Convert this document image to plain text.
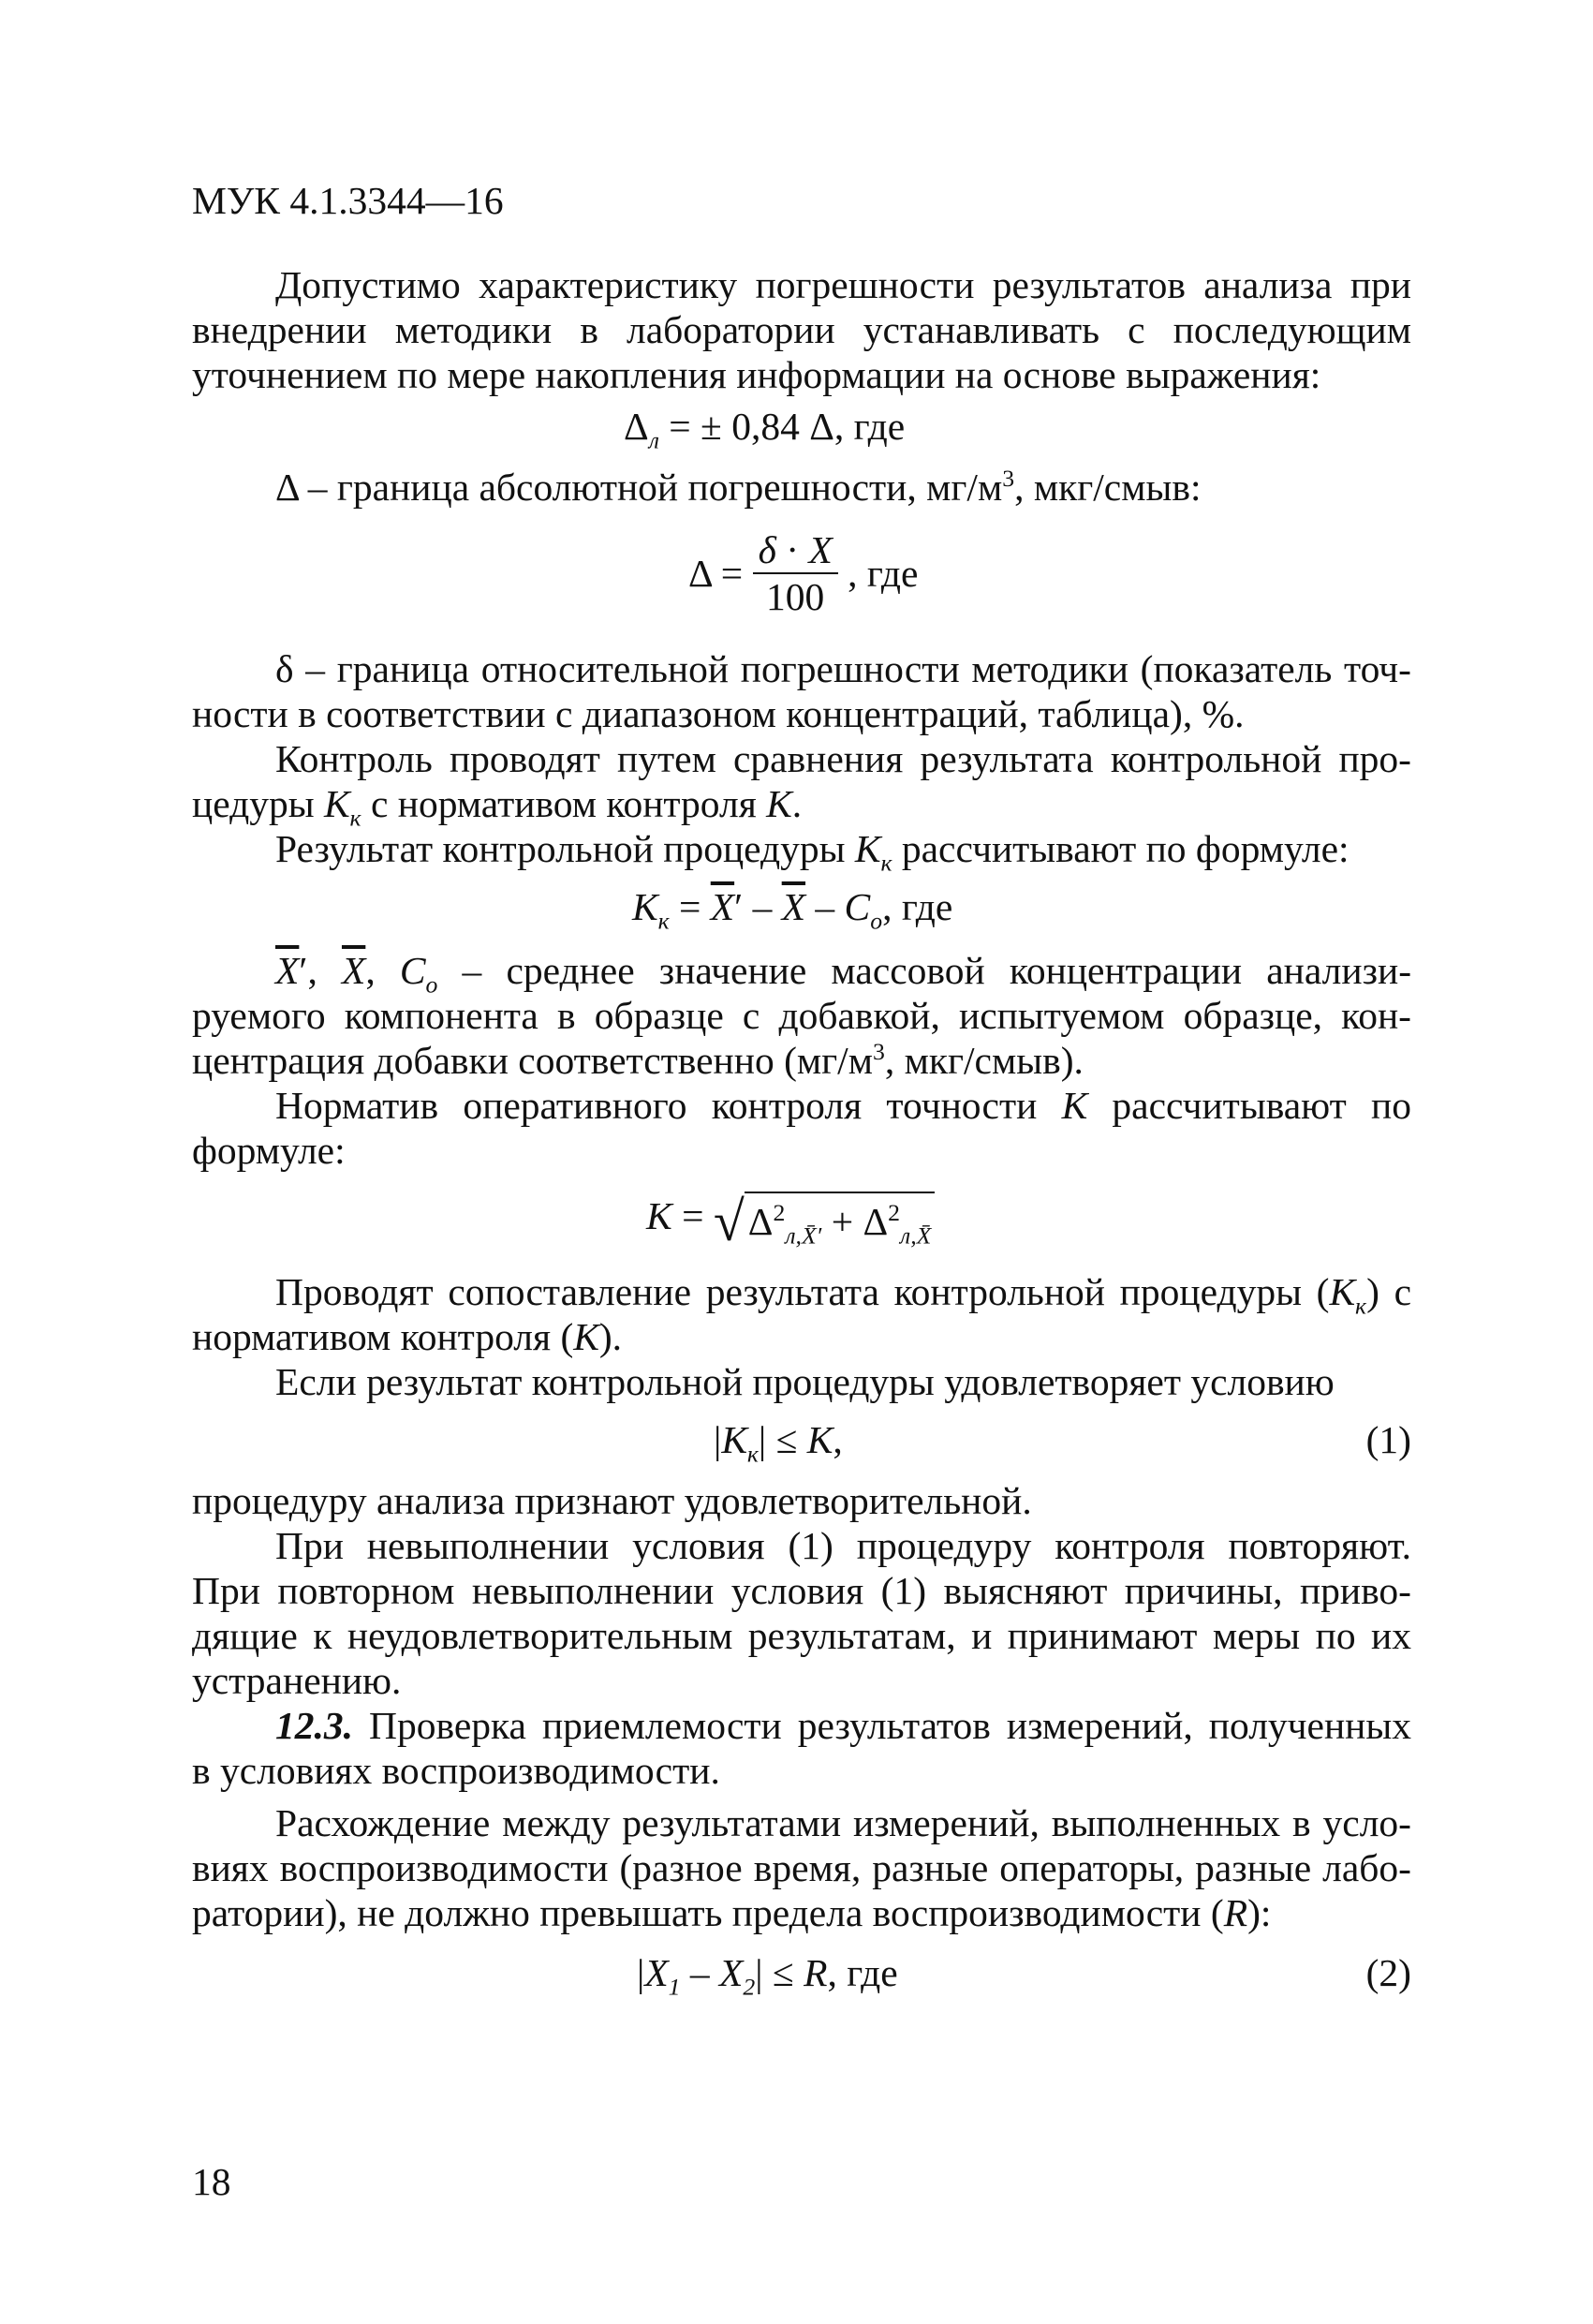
МУК 4.1.3344—16
Допустимо характеристику погрешности результатов анализа при
внедрении методики в лаборатории устанавливать с последующим
уточнением по мере накопления информации на основе выражения:
$\Delta_л$ = ± 0,84 Δ, где
Δ – граница абсолютной погрешности, $мг/м^3$, мкг/смыв:
$\Delta = \frac{\delta \cdot X}{100}$ , где
δ – граница относительной погрешности методики (показатель точ-
ности в соответствии с диапазоном концентраций, таблица), %.
Контроль проводят путем сравнения результата контрольной про-
цедуры $К_к$ с нормативом контроля К.
Результат контрольной процедуры $К_к$ рассчитывают по формуле:
$К_к = \overline{X}' - \overline{X} - С_о$, где
$\overline{X}'$, $\overline{X}$, $С_о$ – среднее значение массовой концентрации анализи-
руемого компонента в образце с добавкой, испытуемом образце, кон-
центрация добавки соответственно ($мг/м^3$, мкг/смыв).
Норматив оперативного контроля точности К рассчитывают по
формуле:
$K = √\Delta^2_{л,X̄'} + \Delta^2_{л,X̄}$
Проводят сопоставление результата контрольной процедуры $(К_к)$ с
нормативом контроля (К).
Если результат контрольной процедуры удовлетворяет условию
$|К_к| \le К$,	(1)
процедуру анализа признают удовлетворительной.
При невыполнении условия (1) процедуру контроля повторяют.
При повторном невыполнении условия (1) выясняют причины, приво-
дящие к неудовлетворительным результатам, и принимают меры по их
устранению.
12.3. Проверка приемлемости результатов измерений, полученных
в условиях воспроизводимости.
Расхождение между результатами измерений, выполненных в усло-
виях воспроизводимости (разное время, разные операторы, разные лабо-
ратории), не должно превышать предела воспроизводимости (R):
$|X_1 - X_2| \le R$, где	(2)
18
